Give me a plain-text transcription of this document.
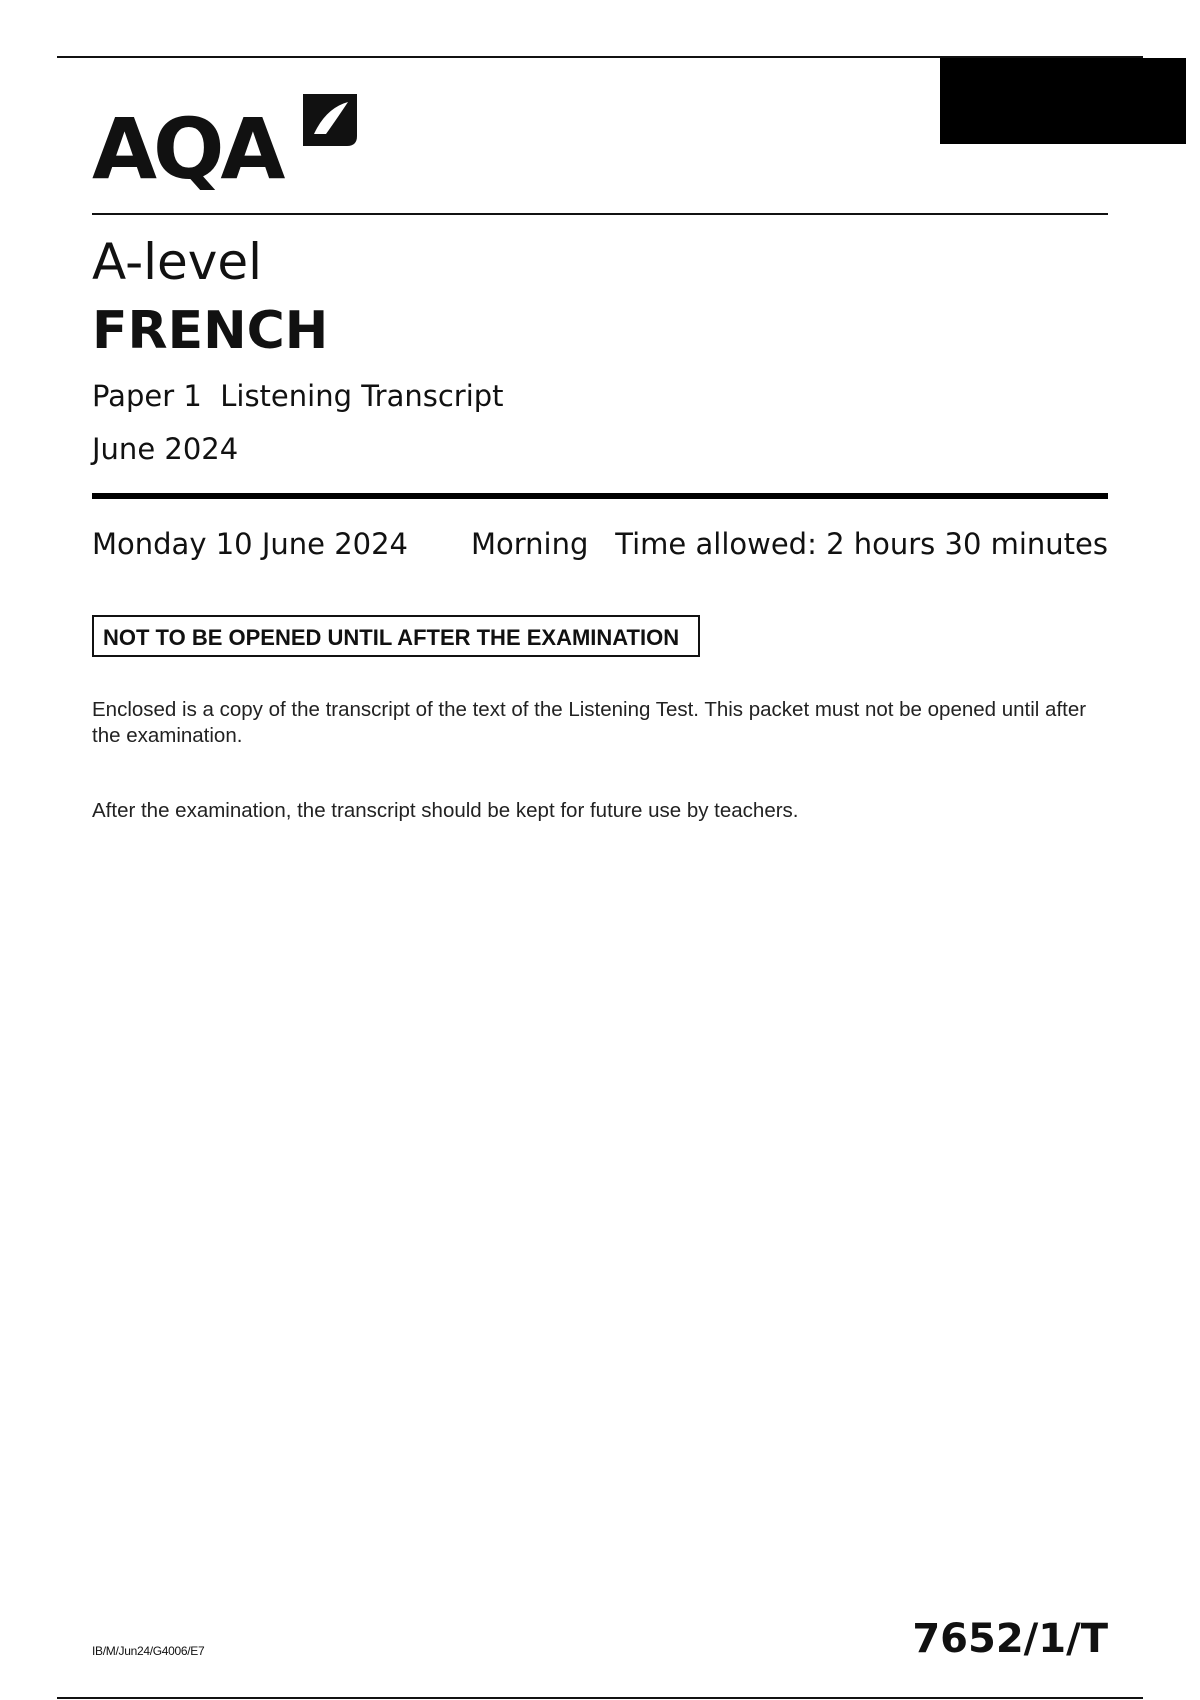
AQA
A-level
FRENCH
Paper 1  Listening Transcript
June 2024
Monday 10 June 2024 Morning Time allowed: 2 hours 30 minutes
NOT TO BE OPENED UNTIL AFTER THE EXAMINATION
Enclosed is a copy of the transcript of the text of the Listening Test. This packet must not be opened until after the examination.
After the examination, the transcript should be kept for future use by teachers.
IB/M/Jun24/G4006/E7	7652/1/T
